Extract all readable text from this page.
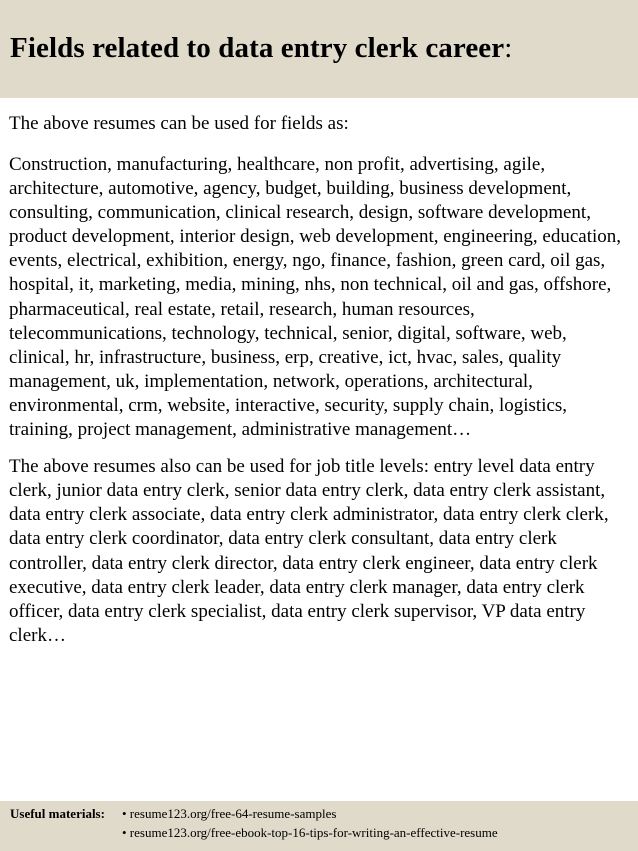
Fields related to data entry clerk career:

The above resumes can be used for fields as:

Construction, manufacturing, healthcare, non profit, advertising, agile, architecture, automotive, agency, budget, building, business development, consulting, communication, clinical research, design, software development, product development, interior design, web development, engineering, education, events, electrical, exhibition, energy, ngo, finance, fashion, green card, oil gas, hospital, it, marketing, media, mining, nhs, non technical, oil and gas, offshore, pharmaceutical, real estate, retail, research, human resources, telecommunications, technology, technical, senior, digital, software, web, clinical, hr, infrastructure, business, erp, creative, ict, hvac, sales, quality management, uk, implementation, network, operations, architectural, environmental, crm, website, interactive, security, supply chain, logistics, training, project management, administrative management…

The above resumes also can be used for job title levels: entry level data entry clerk, junior data entry clerk, senior data entry clerk, data entry clerk assistant, data entry clerk associate, data entry clerk administrator, data entry clerk clerk, data entry clerk coordinator, data entry clerk consultant, data entry clerk controller, data entry clerk director, data entry clerk engineer, data entry clerk executive, data entry clerk leader, data entry clerk manager, data entry clerk officer, data entry clerk specialist, data entry clerk supervisor, VP data entry clerk…

Useful materials: • resume123.org/free-64-resume-samples
• resume123.org/free-ebook-top-16-tips-for-writing-an-effective-resume
